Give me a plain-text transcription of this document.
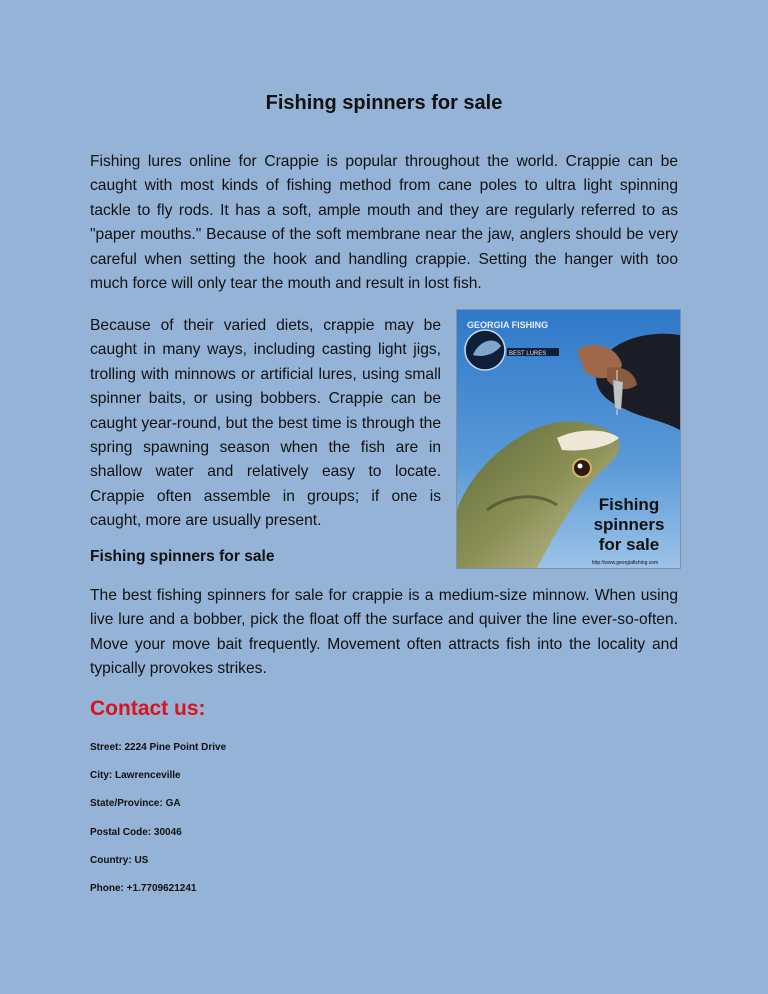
Fishing spinners for sale

Fishing lures online for Crappie is popular throughout the world. Crappie can be caught with most kinds of fishing method from cane poles to ultra light spinning tackle to fly rods. It has a soft, ample mouth and they are regularly referred to as "paper mouths." Because of the soft membrane near the jaw, anglers should be very careful when setting the hook and handling crappie. Setting the hanger with too much force will only tear the mouth and result in lost fish.

Because of their varied diets, crappie may be caught in many ways, including casting light jigs, trolling with minnows or artificial lures, using small spinner baits, or using bobbers. Crappie can be caught year-round, but the best time is through the spring spawning season when the fish are in shallow water and relatively easy to locate. Crappie often assemble in groups; if one is caught, more are usually present.

GEORGIA FISHING
BEST LURES
Fishing
spinners
for sale
http://www.georgiafishing.com

Fishing spinners for sale

The best fishing spinners for sale for crappie is a medium-size minnow. When using live lure and a bobber, pick the float off the surface and quiver the line ever-so-often. Move your move bait frequently. Movement often attracts fish into the locality and typically provokes strikes.

Contact us:

Street: 2224 Pine Point Drive

City: Lawrenceville

State/Province: GA

Postal Code: 30046

Country: US

Phone: +1.7709621241
